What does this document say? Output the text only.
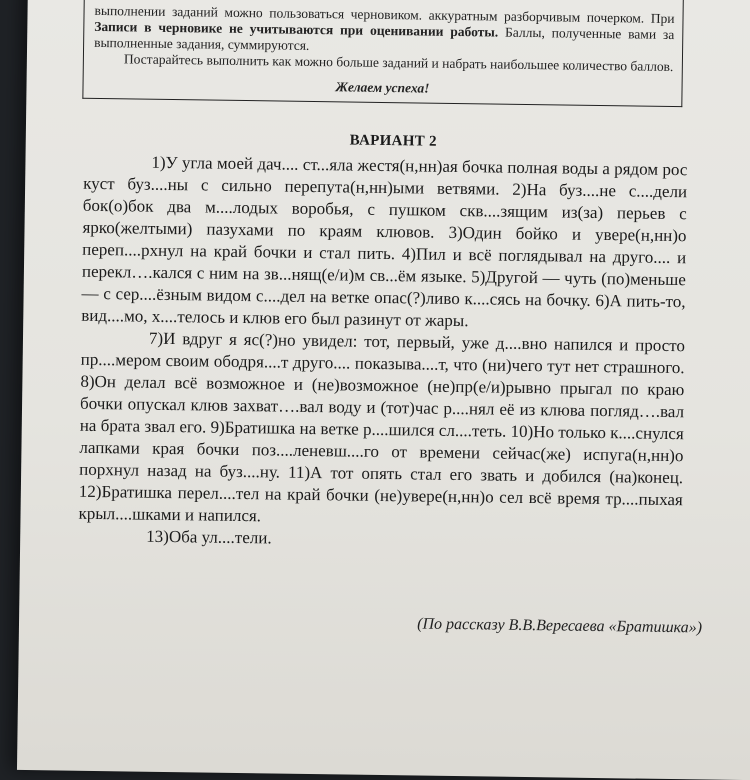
выполнении заданий можно пользоваться черновиком. аккуратным разборчивым почерком. При Записи в черновике не учитываются при оценивании работы. Баллы, полученные вами за выполненные задания, суммируются.

Постарайтесь выполнить как можно больше заданий и набрать наибольшее количество баллов.

Желаем успеха!
ВАРИАНТ 2

1)У угла моей дач.... ст...яла жестя(н,нн)ая бочка полная воды а рядом рос куст буз....ны с сильно перепута(н,нн)ыми ветвями. 2)На буз....не с....дели бок(о)бок два м....лодых воробья, с пушком скв....зящим из(за) перьев с ярко(желтыми) пазухами по краям клювов. 3)Один бойко и увере(н,нн)о переп....рхнул на край бочки и стал пить. 4)Пил и всё поглядывал на друго.... и перекл….кался с ним на зв...нящ(е/и)м св...ём языке. 5)Другой — чуть (по)меньше — с сер....ёзным видом с....дел на ветке опас(?)ливо к....сясь на бочку. 6)А пить-то, вид....мо, х....телось и клюв его был разинут от жары.

7)И вдруг я яс(?)но увидел: тот, первый, уже д....вно напился и просто пр....мером своим ободря....т друго.... показыва....т, что (ни)чего тут нет страшного. 8)Он делал всё возможное и (не)возможное (не)пр(е/и)рывно прыгал по краю бочки опускал клюв захват….вал воду и (тот)час р....нял её из клюва погляд….вал на брата звал его. 9)Братишка на ветке р....шился сл....теть. 10)Но только к....снулся лапками края бочки поз....леневш....го от времени сейчас(же) испуга(н,нн)о порхнул назад на буз....ну. 11)А тот опять стал его звать и добился (на)конец. 12)Братишка перел....тел на край бочки (не)увере(н,нн)о сел всё время тр....пыхая крыл....шками и напился.

13)Оба ул....тели.

(По рассказу В.В.Вересаева «Братишка»)
